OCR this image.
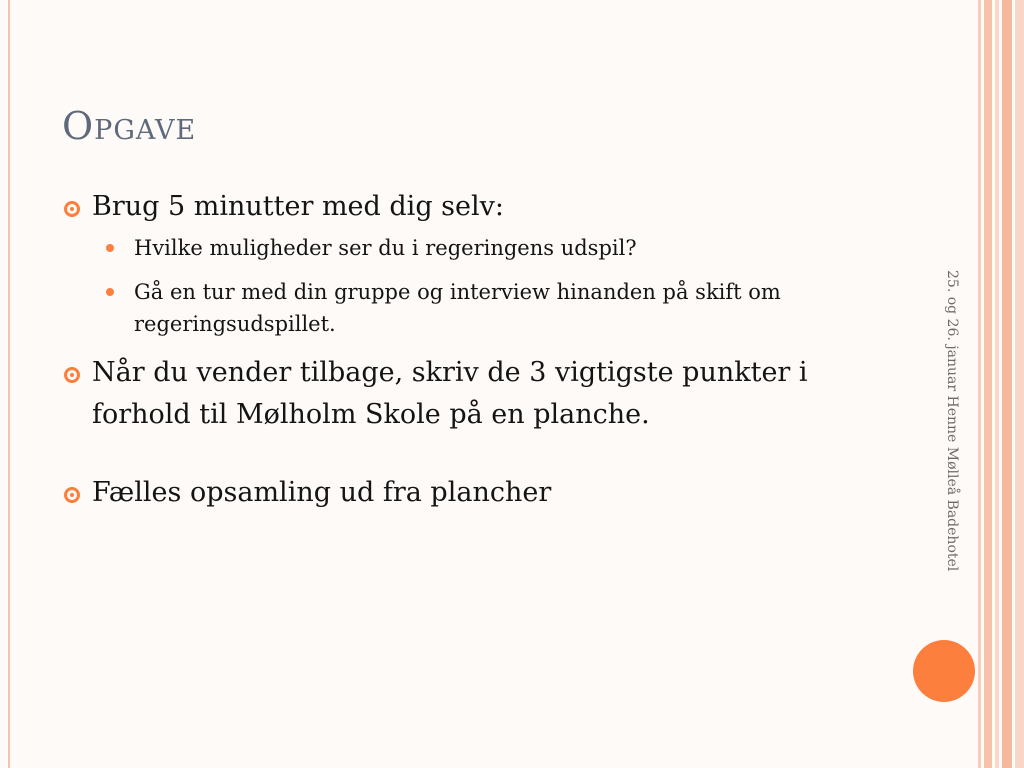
Opgave
Brug 5 minutter med dig selv:
Hvilke muligheder ser du i regeringens udspil?
Gå en tur med din gruppe og interview hinanden på skift om regeringsudspillet.
Når du vender tilbage, skriv de 3 vigtigste punkter i forhold til Mølholm Skole på en planche.
Fælles opsamling ud fra plancher	25. og 26. januar Henne Mølleå Badehotel
